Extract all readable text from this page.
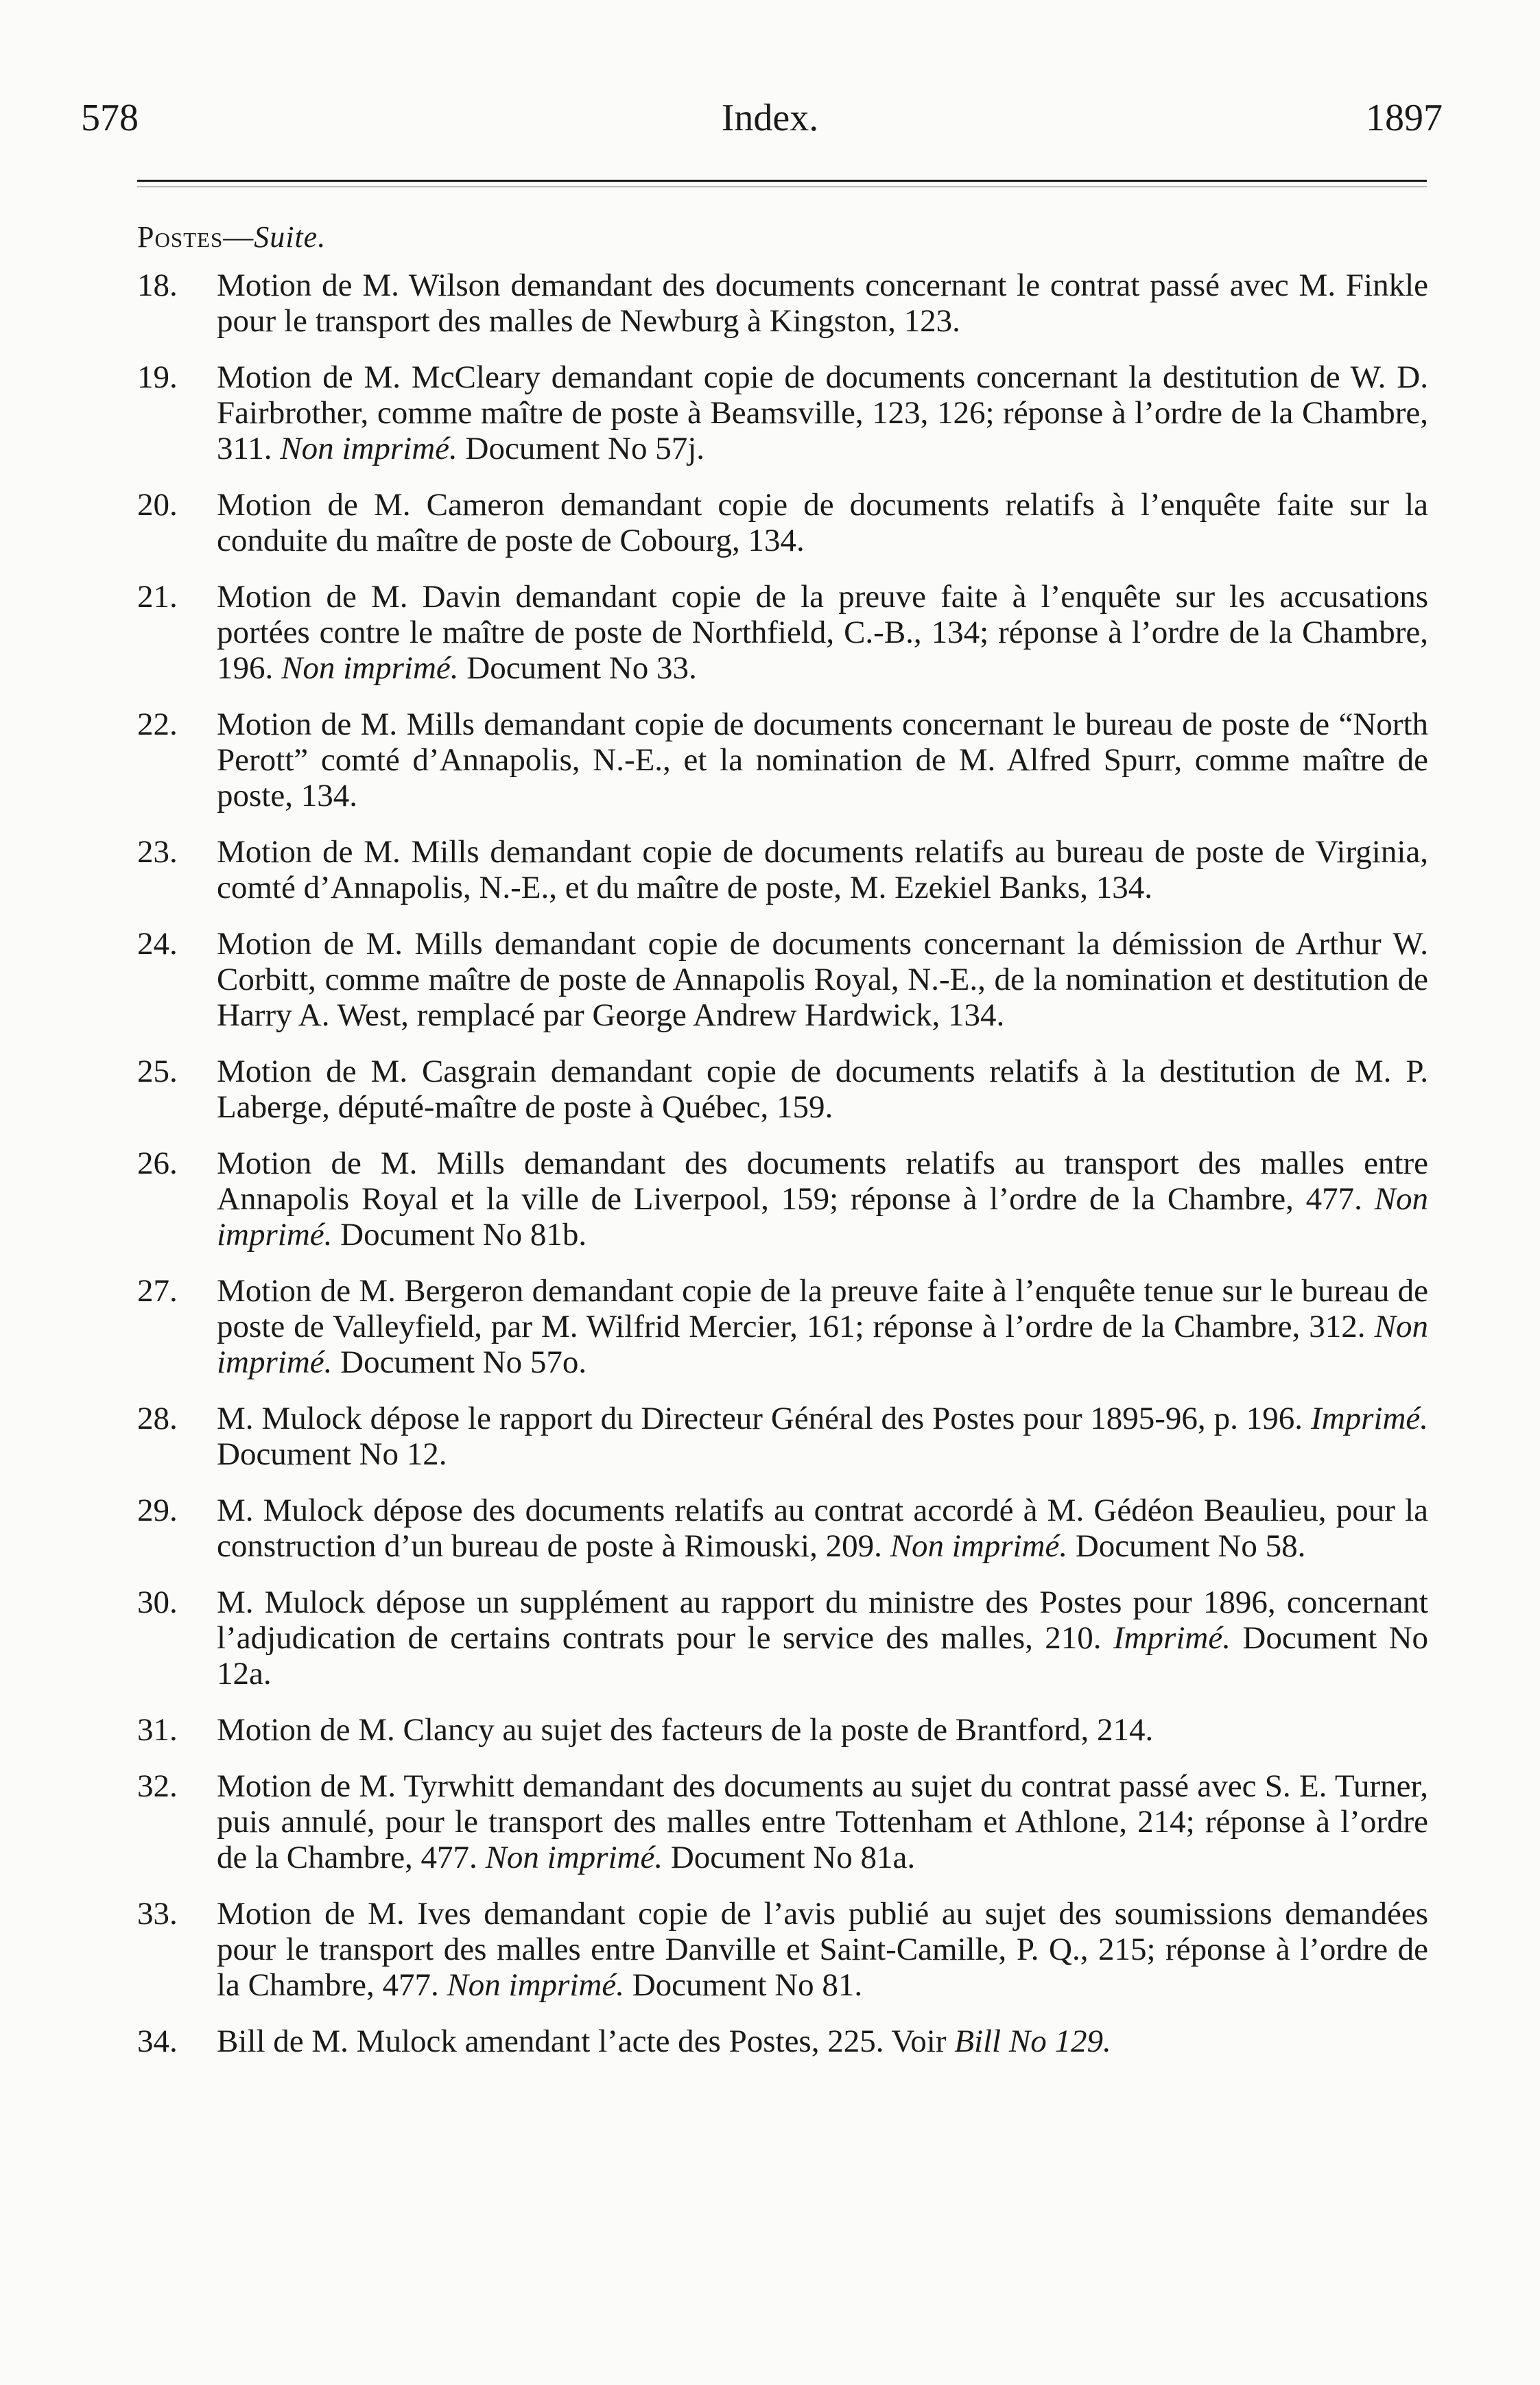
578	Index.	1897
Postes—Suite.
18. Motion de M. Wilson demandant des documents concernant le contrat passé avec M. Finkle pour le transport des malles de Newburg à Kingston, 123.
19. Motion de M. McCleary demandant copie de documents concernant la destitution de W. D. Fairbrother, comme maître de poste à Beamsville, 123, 126; réponse à l’ordre de la Chambre, 311. Non imprimé. Document No 57j.
20. Motion de M. Cameron demandant copie de documents relatifs à l’enquête faite sur la conduite du maître de poste de Cobourg, 134.
21. Motion de M. Davin demandant copie de la preuve faite à l’enquête sur les accusations portées contre le maître de poste de Northfield, C.-B., 134; réponse à l’ordre de la Chambre, 196. Non imprimé. Document No 33.
22. Motion de M. Mills demandant copie de documents concernant le bureau de poste de “North Perott” comté d’Annapolis, N.-E., et la nomination de M. Alfred Spurr, comme maître de poste, 134.
23. Motion de M. Mills demandant copie de documents relatifs au bureau de poste de Virginia, comté d’Annapolis, N.-E., et du maître de poste, M. Ezekiel Banks, 134.
24. Motion de M. Mills demandant copie de documents concernant la démission de Arthur W. Corbitt, comme maître de poste de Annapolis Royal, N.-E., de la nomination et destitution de Harry A. West, remplacé par George Andrew Hardwick, 134.
25. Motion de M. Casgrain demandant copie de documents relatifs à la destitution de M. P. Laberge, député-maître de poste à Québec, 159.
26. Motion de M. Mills demandant des documents relatifs au transport des malles entre Annapolis Royal et la ville de Liverpool, 159; réponse à l’ordre de la Chambre, 477. Non imprimé. Document No 81b.
27. Motion de M. Bergeron demandant copie de la preuve faite à l’enquête tenue sur le bureau de poste de Valleyfield, par M. Wilfrid Mercier, 161; réponse à l’ordre de la Chambre, 312. Non imprimé. Document No 57o.
28. M. Mulock dépose le rapport du Directeur Général des Postes pour 1895-96, p. 196. Imprimé. Document No 12.
29. M. Mulock dépose des documents relatifs au contrat accordé à M. Gédéon Beaulieu, pour la construction d’un bureau de poste à Rimouski, 209. Non imprimé. Document No 58.
30. M. Mulock dépose un supplément au rapport du ministre des Postes pour 1896, concernant l’adjudication de certains contrats pour le service des malles, 210. Imprimé. Document No 12a.
31. Motion de M. Clancy au sujet des facteurs de la poste de Brantford, 214.
32. Motion de M. Tyrwhitt demandant des documents au sujet du contrat passé avec S. E. Turner, puis annulé, pour le transport des malles entre Tottenham et Athlone, 214; réponse à l’ordre de la Chambre, 477. Non imprimé. Document No 81a.
33. Motion de M. Ives demandant copie de l’avis publié au sujet des soumissions demandées pour le transport des malles entre Danville et Saint-Camille, P. Q., 215; réponse à l’ordre de la Chambre, 477. Non imprimé. Document No 81.
34. Bill de M. Mulock amendant l’acte des Postes, 225. Voir Bill No 129.
